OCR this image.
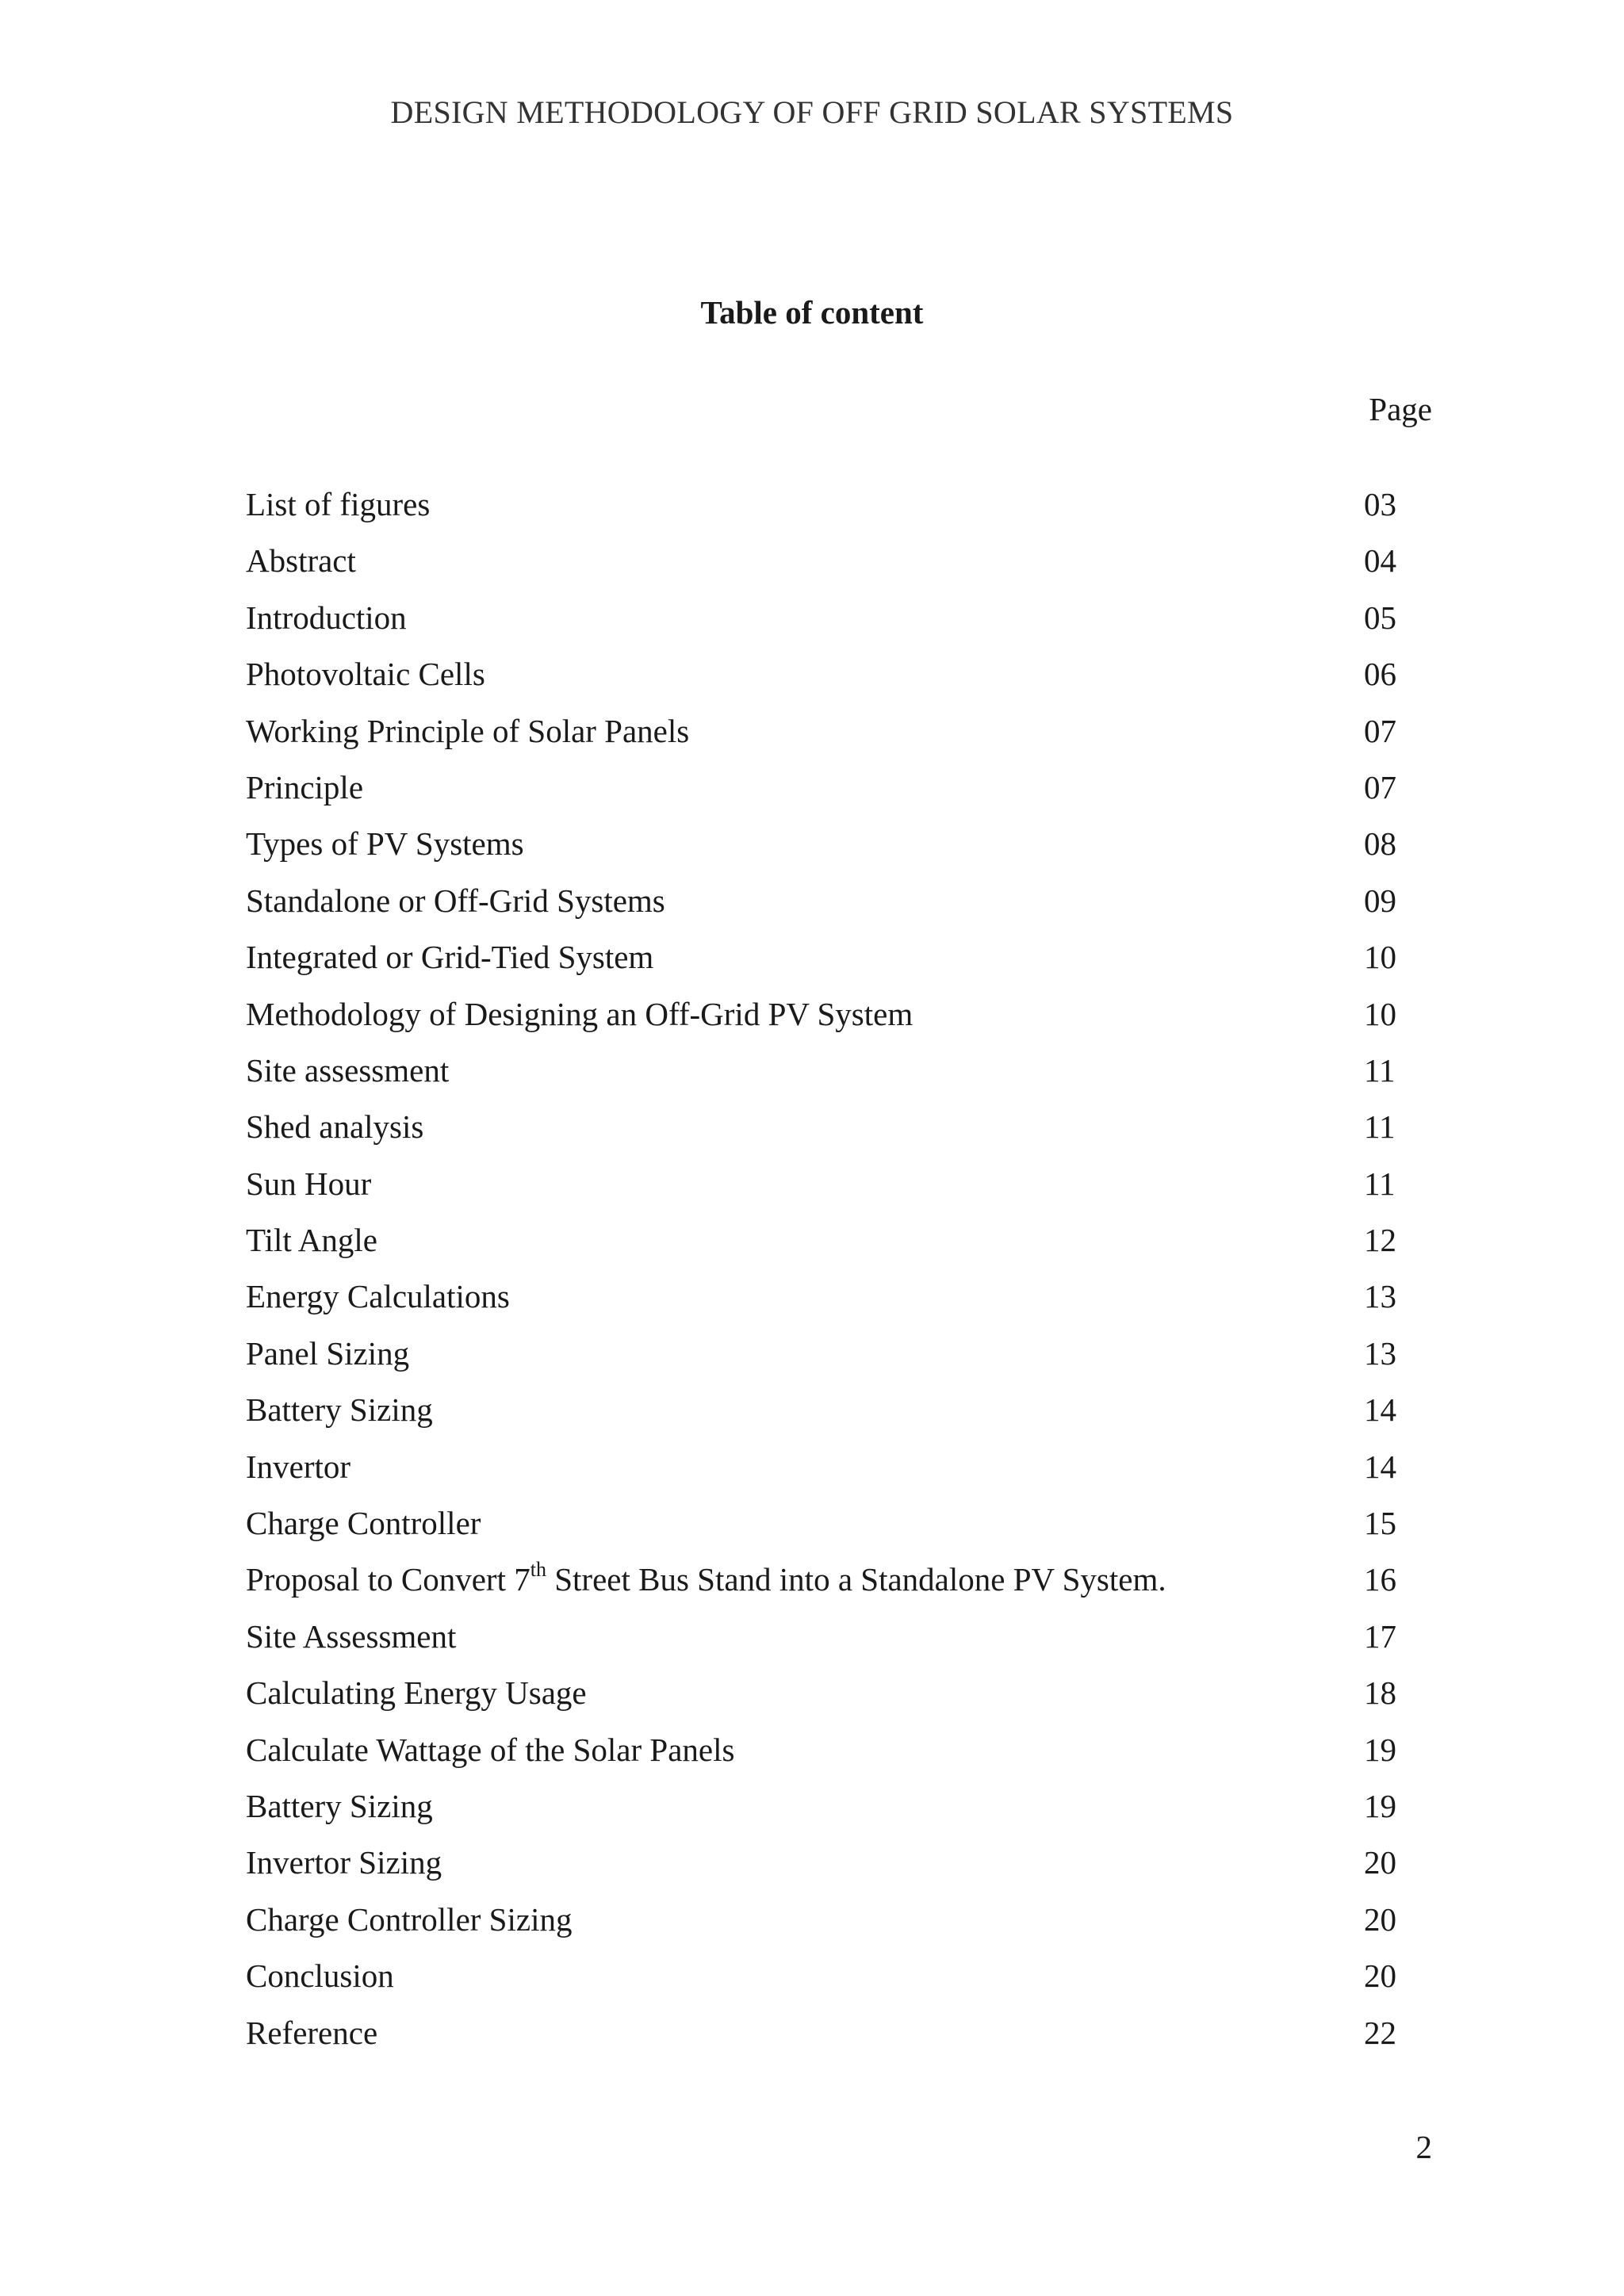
DESIGN METHODOLOGY OF OFF GRID SOLAR SYSTEMS
Table of content
Page
List of figures	03
Abstract	04
Introduction	05
Photovoltaic Cells	06
Working Principle of Solar Panels	07
Principle	07
Types of PV Systems	08
Standalone or Off-Grid Systems	09
Integrated or Grid-Tied System	10
Methodology of Designing an Off-Grid PV System	10
Site assessment	11
Shed analysis	11
Sun Hour	11
Tilt Angle	12
Energy Calculations	13
Panel Sizing	13
Battery Sizing	14
Invertor	14
Charge Controller	15
Proposal to Convert 7th Street Bus Stand into a Standalone PV System.	16
Site Assessment	17
Calculating Energy Usage	18
Calculate Wattage of the Solar Panels	19
Battery Sizing	19
Invertor Sizing	20
Charge Controller Sizing	20
Conclusion	20
Reference	22
2
